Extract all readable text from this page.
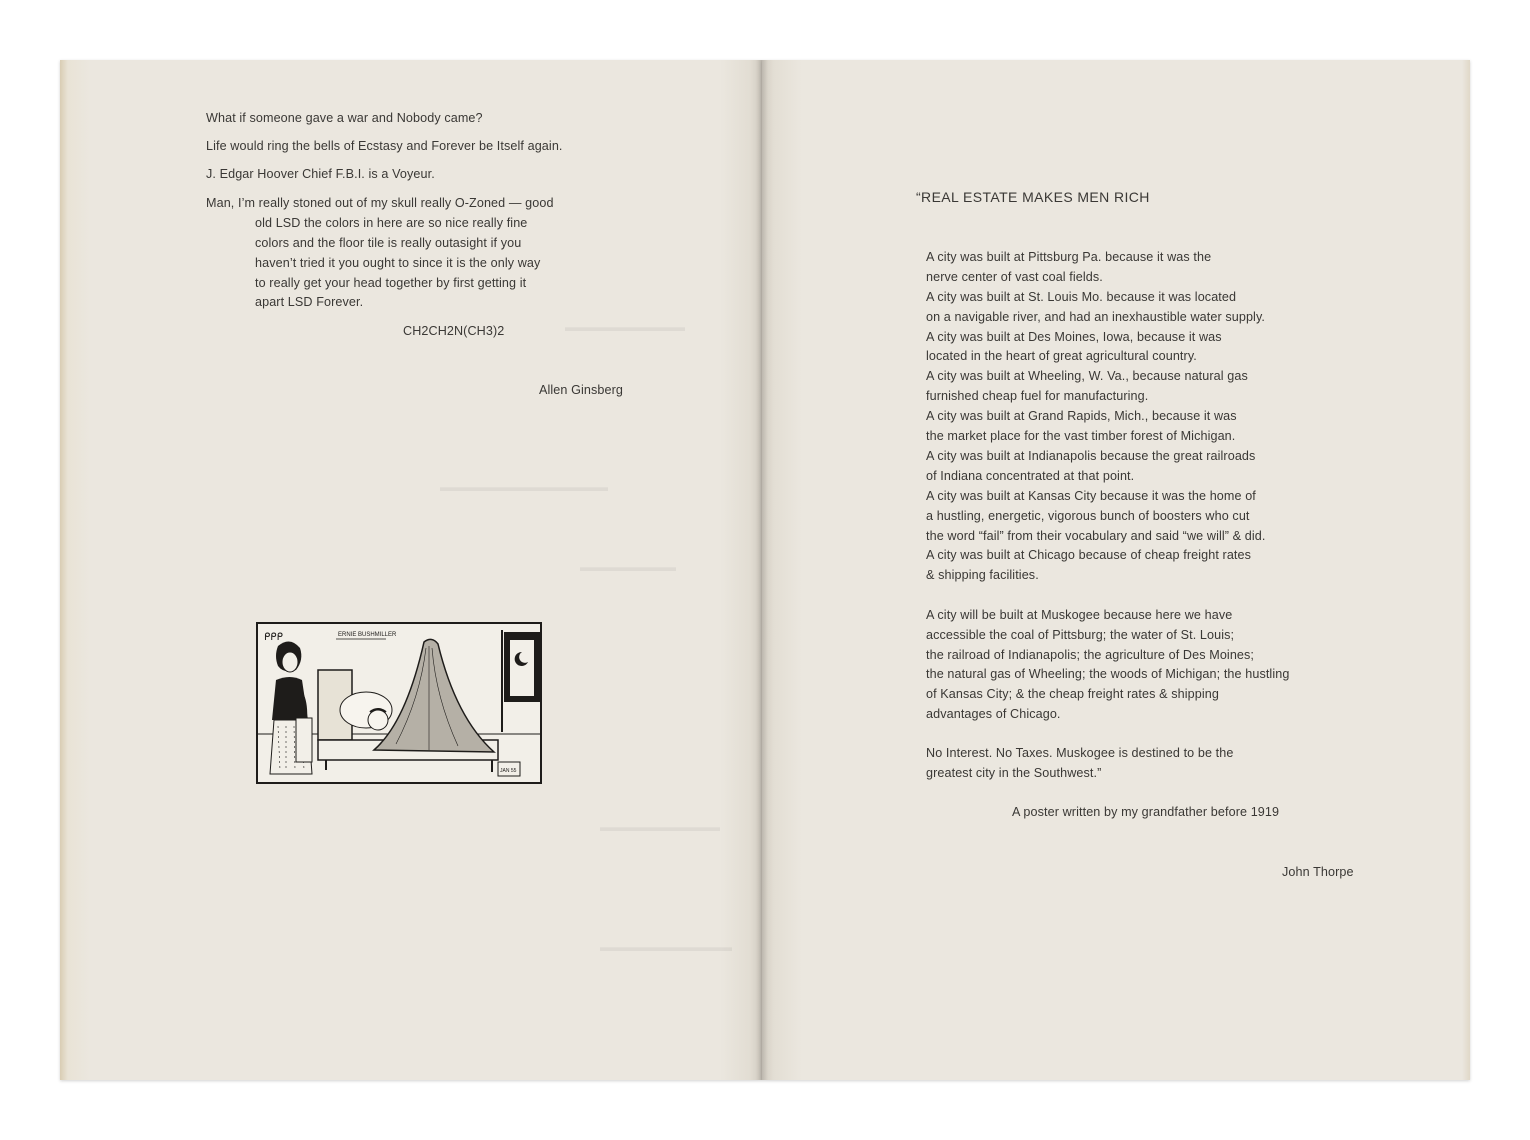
What if someone gave a war and Nobody came?
Life would ring the bells of Ecstasy and Forever be Itself again.
J. Edgar Hoover Chief F.B.I. is a Voyeur.
Man, I’m really stoned out of my skull really O-Zoned — good
old LSD the colors in here are so nice really fine
colors and the floor tile is really outasight if you
haven’t tried it you ought to since it is the only way
to really get your head together by first getting it
apart LSD Forever.
CH2CH2N(CH3)2
Allen Ginsberg
▬▬▬▬▬▬▬▬▬▬
▬▬▬▬▬▬▬▬▬▬▬▬▬▬
▬▬▬▬▬▬▬▬
▬▬▬▬▬▬▬▬▬▬
▬▬▬▬▬▬▬▬▬▬▬
ERNIE BUSHMILLER
ᑭᑭᑭ
JAN 55
“REAL ESTATE MAKES MEN RICH
A city was built at Pittsburg Pa. because it was the
nerve center of vast coal fields.
A city was built at St. Louis Mo. because it was located
on a navigable river, and had an inexhaustible water supply.
A city was built at Des Moines, Iowa, because it was
located in the heart of great agricultural country.
A city was built at Wheeling, W. Va., because natural gas
furnished cheap fuel for manufacturing.
A city was built at Grand Rapids, Mich., because it was
the market place for the vast timber forest of Michigan.
A city was built at Indianapolis because the great railroads
of Indiana concentrated at that point.
A city was built at Kansas City because it was the home of
a hustling, energetic, vigorous bunch of boosters who cut
the word “fail” from their vocabulary and said “we will” & did.
A city was built at Chicago because of cheap freight rates
& shipping facilities.
A city will be built at Muskogee because here we have
accessible the coal of Pittsburg; the water of St. Louis;
the railroad of Indianapolis; the agriculture of Des Moines;
the natural gas of Wheeling; the woods of Michigan; the hustling
of Kansas City; & the cheap freight rates & shipping
advantages of Chicago.
No Interest. No Taxes. Muskogee is destined to be the
greatest city in the Southwest.”
A poster written by my grandfather before 1919
John Thorpe
